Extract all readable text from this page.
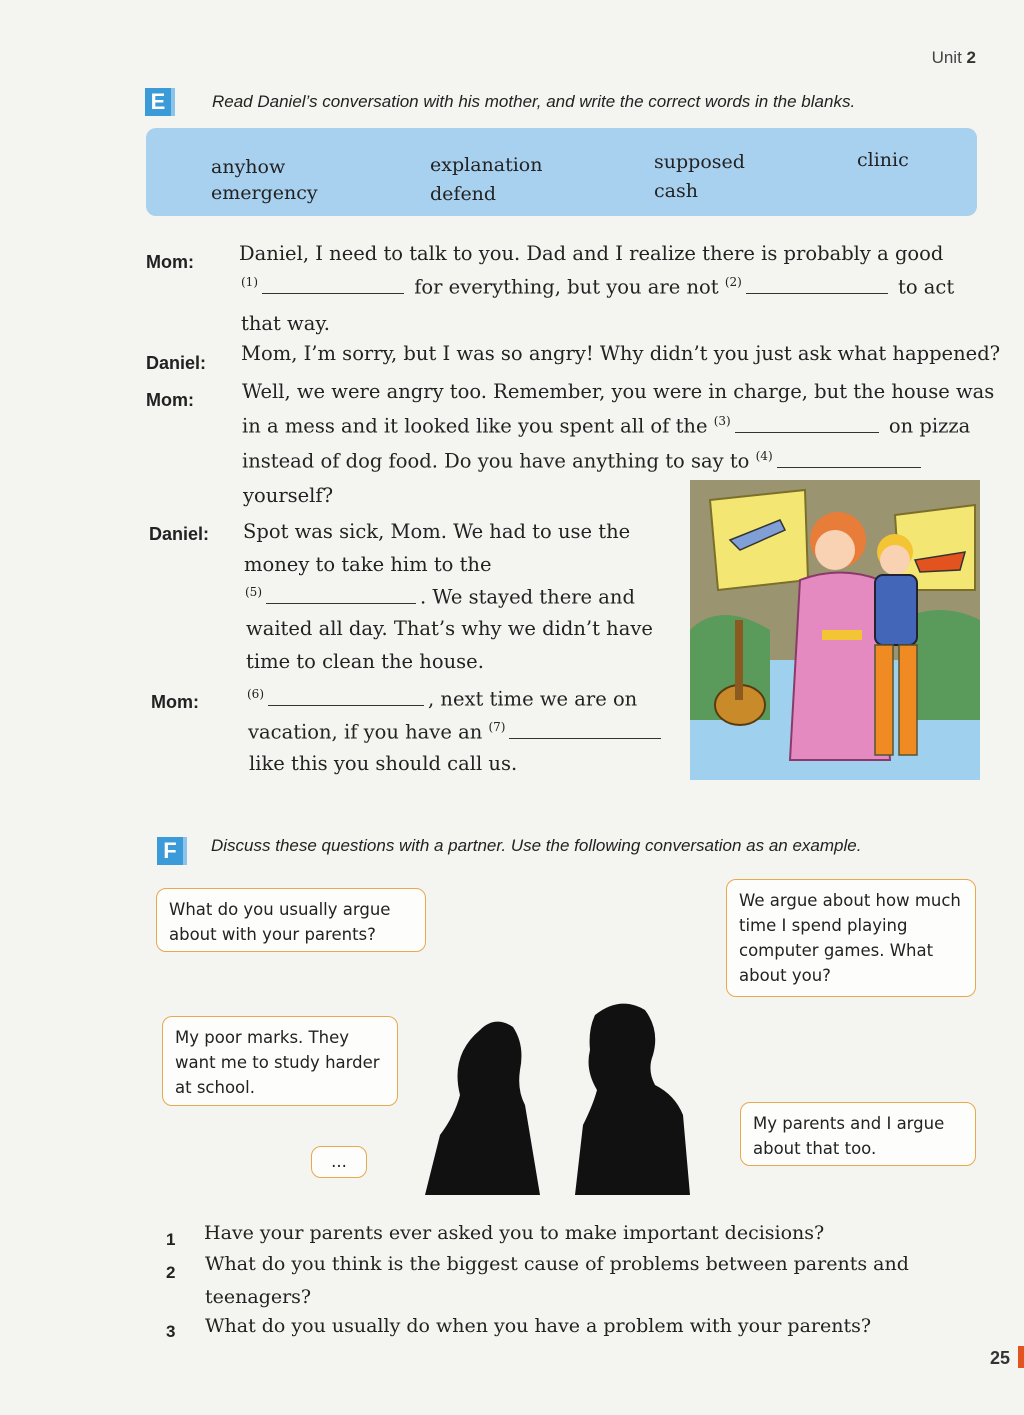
Unit 2
E	Read Daniel’s conversation with his mother, and write the correct words in the blanks.
anyhow
emergency
explanation
defend
supposed
cash
clinic
Mom: Daniel, I need to talk to you. Dad and I realize there is probably a good
$^{(1)}$	for everything, but you are not $^{(2)}$	to act
that way.
Daniel: Mom, I’m sorry, but I was so angry! Why didn’t you just ask what happened?
Mom: Well, we were angry too. Remember, you were in charge, but the house was
in a mess and it looked like you spent all of the $^{(3)}$	on pizza
instead of dog food. Do you have anything to say to $^{(4)}$
yourself?
Daniel: Spot was sick, Mom. We had to use the
money to take him to the
$^{(5)}$	. We stayed there and
waited all day. That’s why we didn’t have
time to clean the house.
Mom:	$^{(6)}$	, next time we are on
vacation, if you have an $^{(7)}$
like this you should call us.
F	Discuss these questions with a partner. Use the following conversation as an example.
What do you usually argue about with your parents?
We argue about how much time I spend playing computer games. What about you?
My poor marks. They want me to study harder at school.
My parents and I argue about that too.
...
1 Have your parents ever asked you to make important decisions?
2 What do you think is the biggest cause of problems between parents and
teenagers?
3 What do you usually do when you have a problem with your parents?
25
